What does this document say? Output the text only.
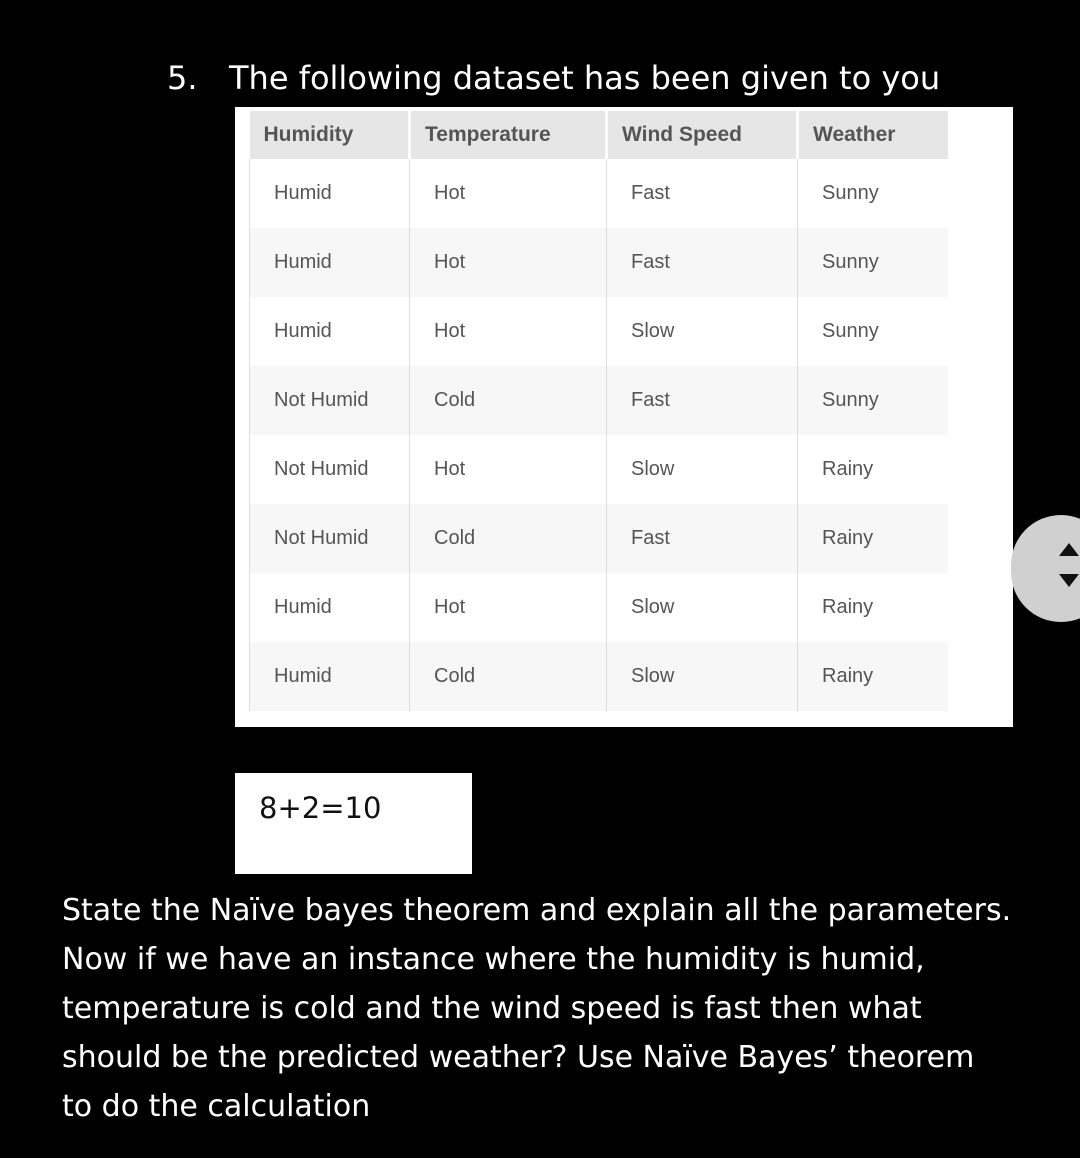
5. The following dataset has been given to you
Humidity	Temperature	Wind Speed	Weather
Humid	Hot	Fast	Sunny
Humid	Hot	Fast	Sunny
Humid	Hot	Slow	Sunny
Not Humid	Cold	Fast	Sunny
Not Humid	Hot	Slow	Rainy
Not Humid	Cold	Fast	Rainy
Humid	Hot	Slow	Rainy
Humid	Cold	Slow	Rainy
8+2=10
State the Naïve bayes theorem and explain all the parameters.
Now if we have an instance where the humidity is humid,
temperature is cold and the wind speed is fast then what
should be the predicted weather? Use Naïve Bayes’ theorem
to do the calculation
